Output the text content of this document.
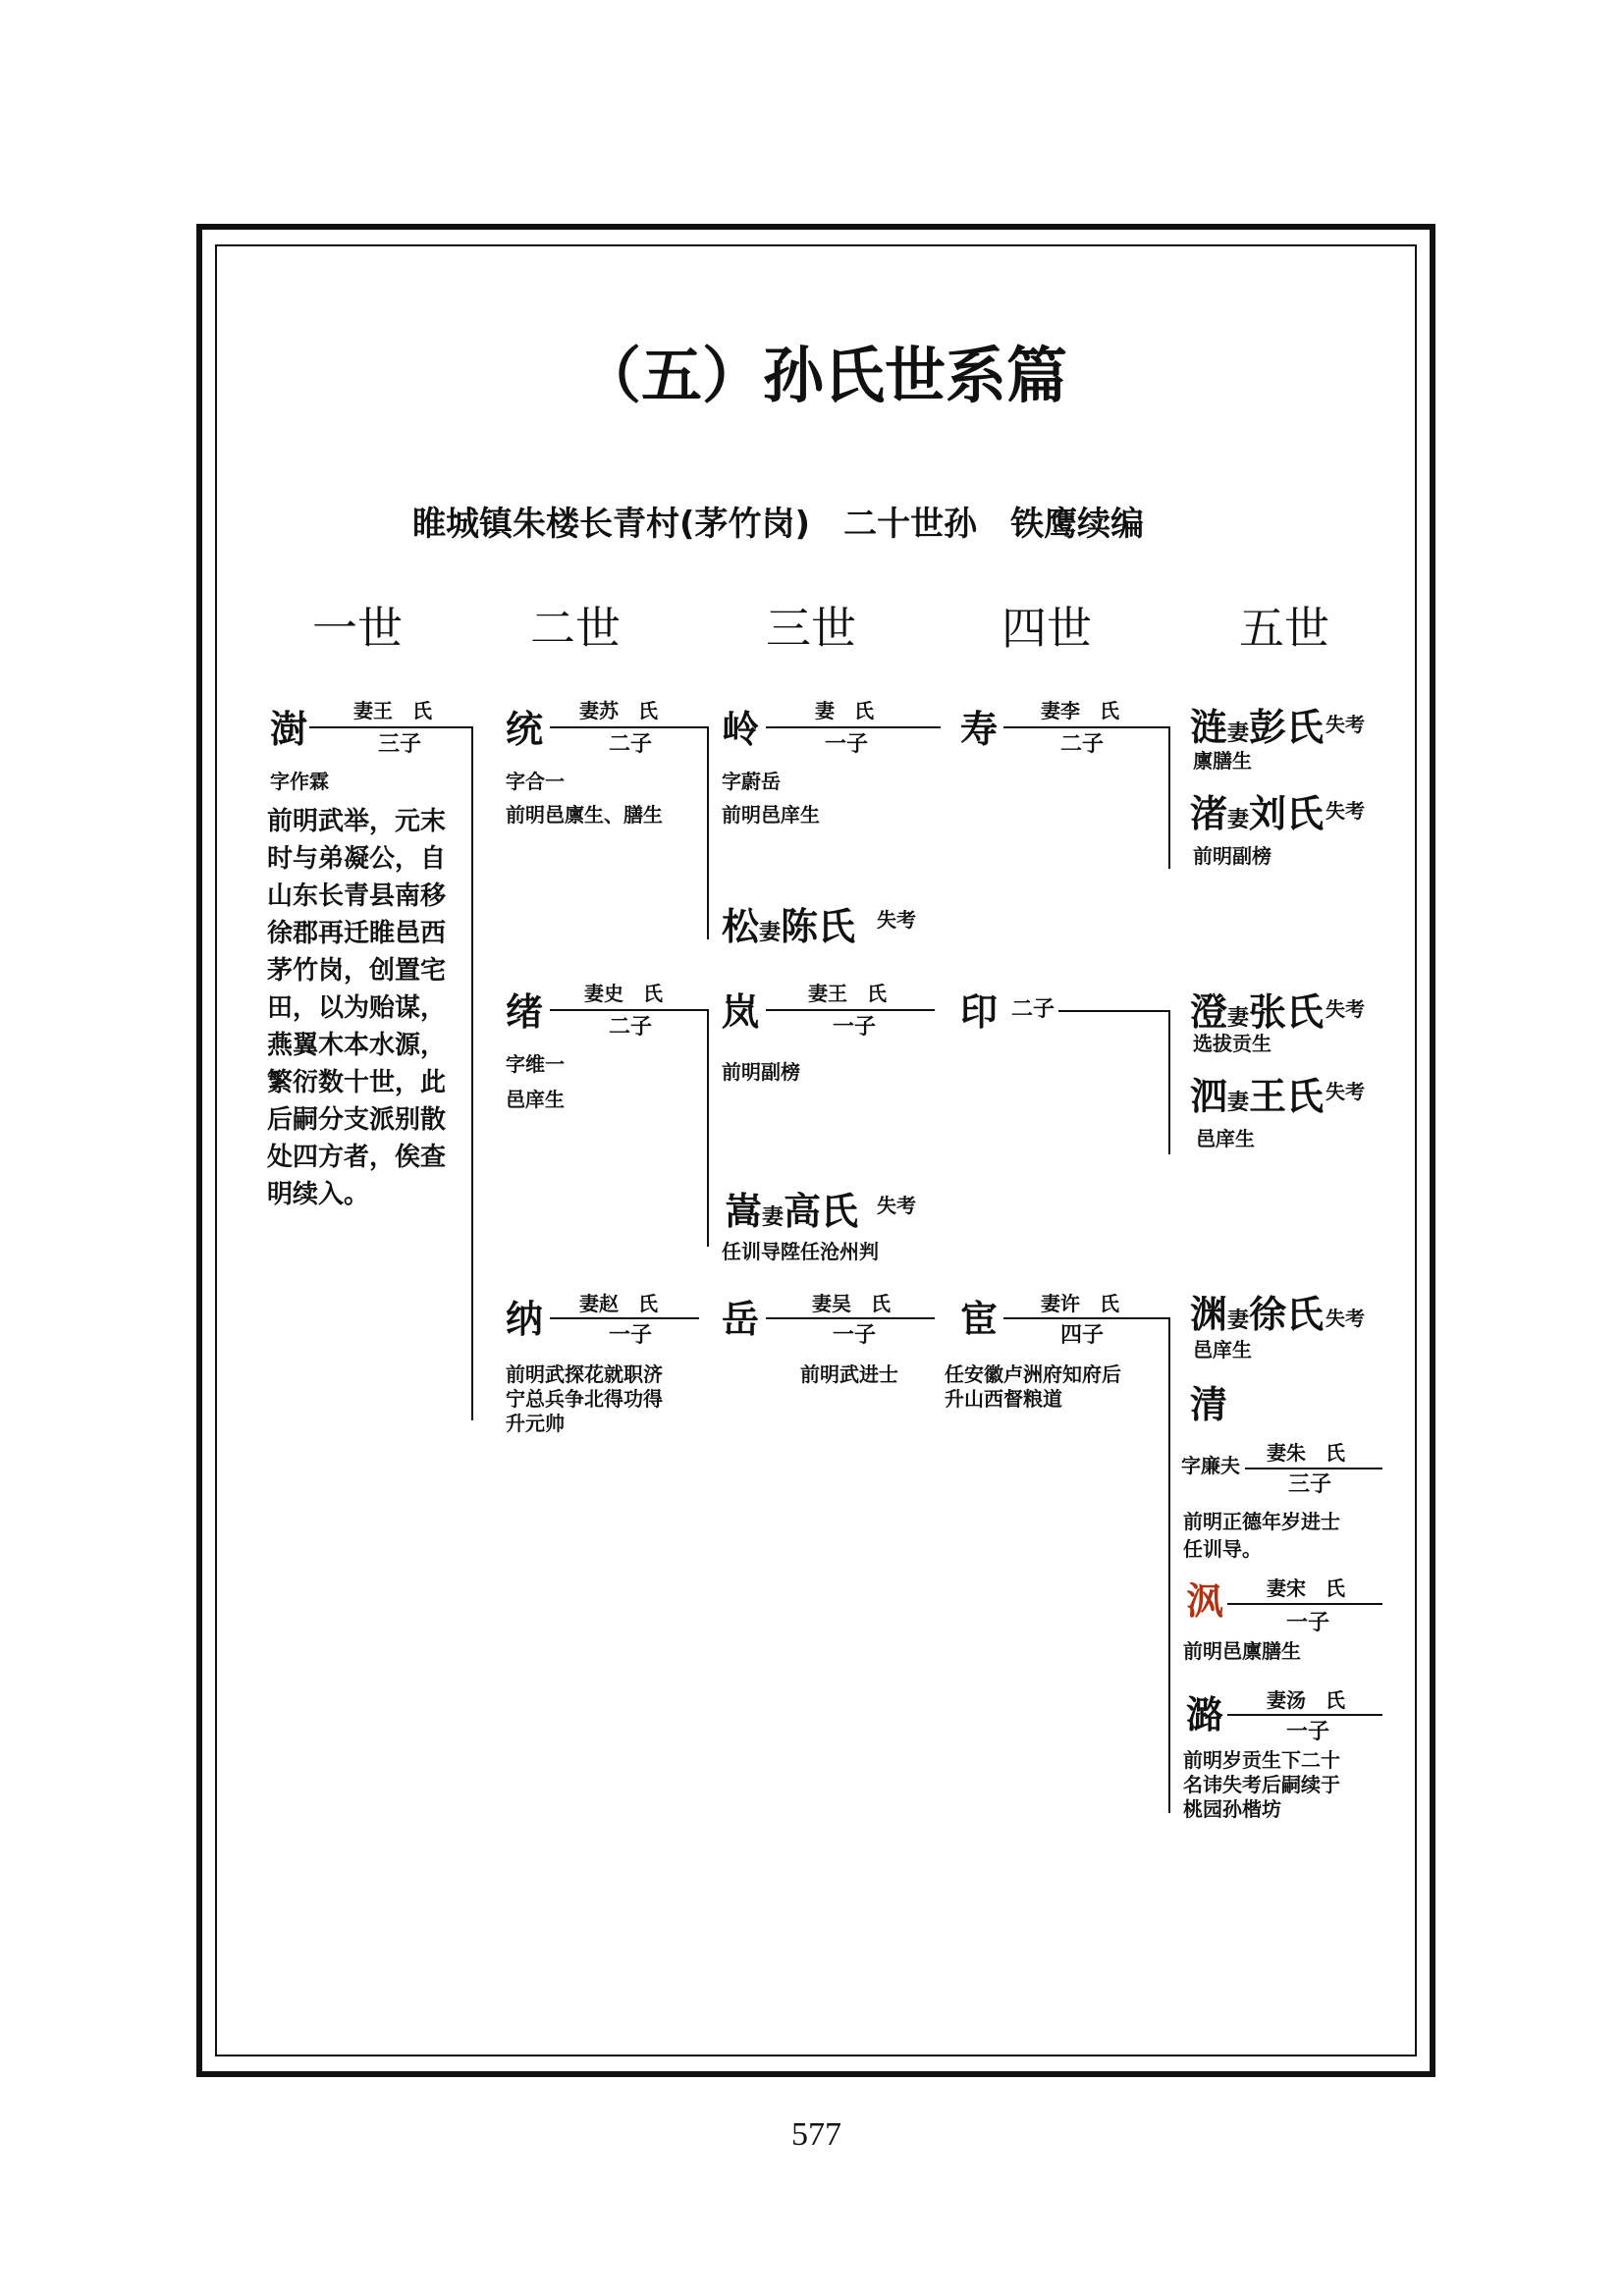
（五）孙氏世系篇
睢城镇朱楼长青村(茅竹岗)　二十世孙　铁鹰续编
一世	二世	三世	四世	五世
澍 妻王　氏
三子
字作霖
前明武举，元末
时与弟凝公，自
山东长青县南移
徐郡再迁睢邑西
茅竹岗，创置宅
田，以为贻谋，
燕翼木本水源，
繁衍数十世，此
后嗣分支派别散
处四方者，俟查
明续入。
统 妻苏　氏
二子
字合一
前明邑廪生、膳生
绪 妻史　氏
二子
字维一
邑庠生
纳 妻赵　氏
一子
前明武探花就职济
宁总兵争北得功得
升元帅
岭	妻　氏
一子
字蔚岳
前明邑庠生
松妻陈氏 失考
岚 妻王　氏
一子
前明副榜
嵩妻高氏 失考
任训导陞任沧州判
岳	妻吴　氏
一子
前明武进士
寿 妻李　氏
二子
印 二子
宦 妻许　氏
四子
任安徽卢洲府知府后
升山西督粮道
涟妻彭氏 失考
廪膳生
渚妻刘氏 失考
前明副榜
澄妻张氏 失考
选拔贡生
泗妻王氏 失考
邑庠生
渊妻徐氏 失考
邑庠生
清
字廉夫
妻朱　氏
三子
前明正德年岁进士
任训导。
沨 妻宋　氏
一子
前明邑廪膳生
潞 妻汤　氏
一子
前明岁贡生下二十
名讳失考后嗣续于
桃园孙楷坊
577
